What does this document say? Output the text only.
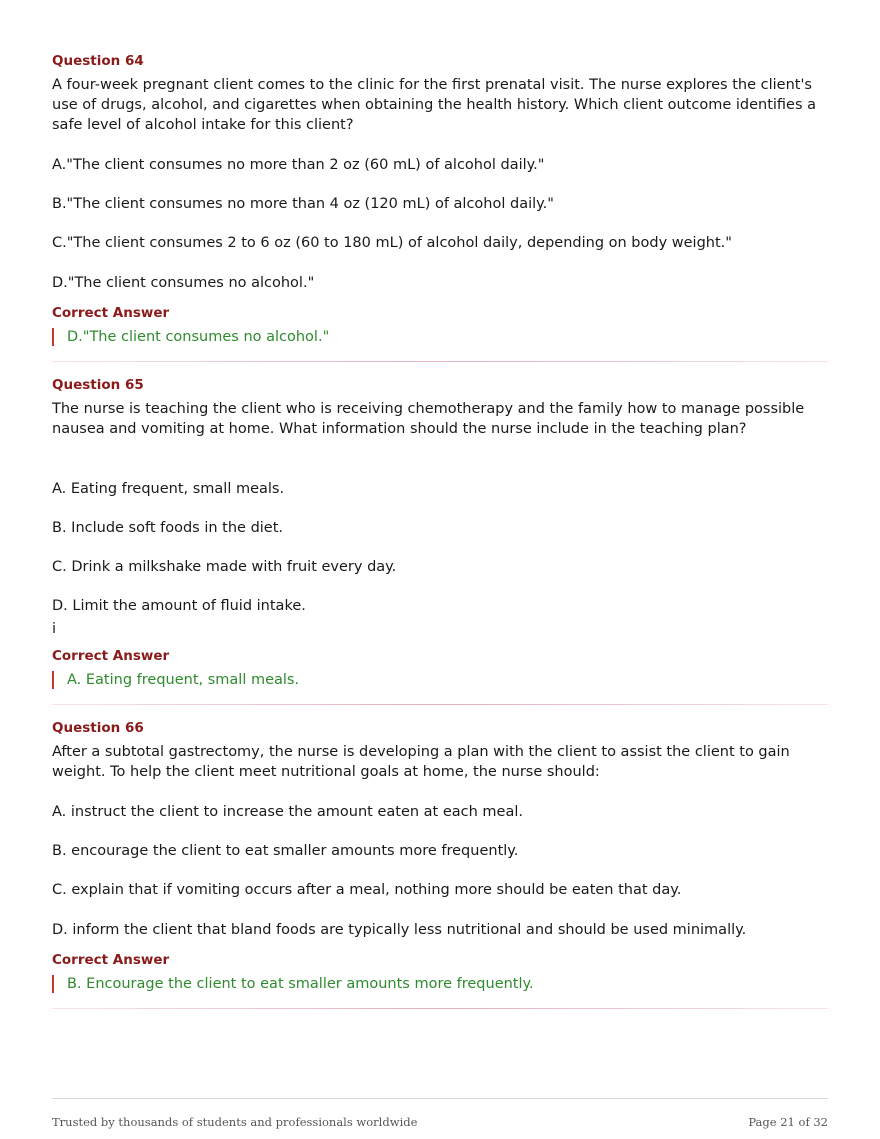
Question 64

A four-week pregnant client comes to the clinic for the first prenatal visit. The nurse explores the client's use of drugs, alcohol, and cigarettes when obtaining the health history. Which client outcome identifies a safe level of alcohol intake for this client?

A."The client consumes no more than 2 oz (60 mL) of alcohol daily."

B."The client consumes no more than 4 oz (120 mL) of alcohol daily."

C."The client consumes 2 to 6 oz (60 to 180 mL) of alcohol daily, depending on body weight."

D."The client consumes no alcohol."

Correct Answer

D."The client consumes no alcohol."

Question 65

The nurse is teaching the client who is receiving chemotherapy and the family how to manage possible nausea and vomiting at home. What information should the nurse include in the teaching plan?

A. Eating frequent, small meals.

B. Include soft foods in the diet.

C. Drink a milkshake made with fruit every day.

D. Limit the amount of fluid intake.

i

Correct Answer

A. Eating frequent, small meals.

Question 66

After a subtotal gastrectomy, the nurse is developing a plan with the client to assist the client to gain weight. To help the client meet nutritional goals at home, the nurse should:

A. instruct the client to increase the amount eaten at each meal.

B. encourage the client to eat smaller amounts more frequently.

C. explain that if vomiting occurs after a meal, nothing more should be eaten that day.

D. inform the client that bland foods are typically less nutritional and should be used minimally.

Correct Answer

B. Encourage the client to eat smaller amounts more frequently.

Trusted by thousands of students and professionals worldwide	Page 21 of 32
